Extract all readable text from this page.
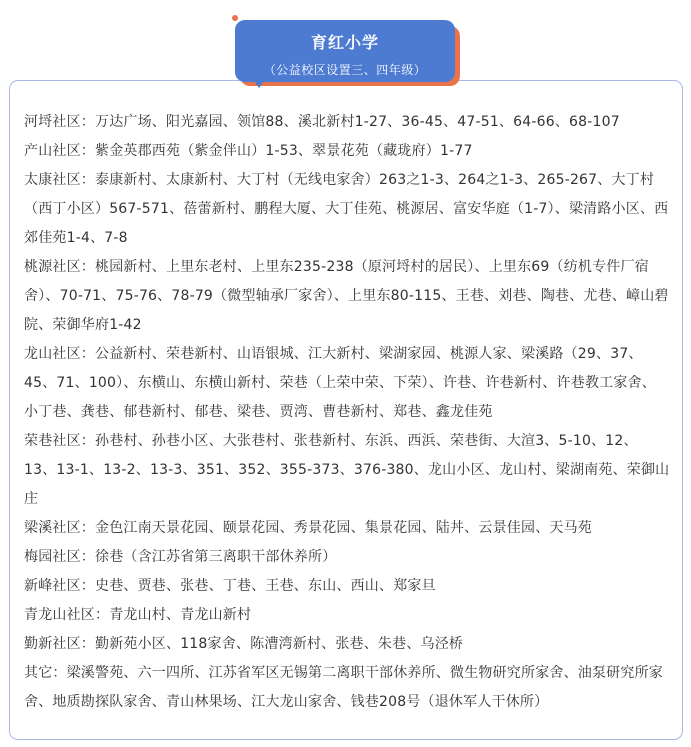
育红小学
（公益校区设置三、四年级）

河埒社区：万达广场、阳光嘉园、领馆88、溪北新村1-27、36-45、47-51、64-66、68-107

产山社区：紫金英郡西苑（紫金伴山）1-53、翠景花苑（藏珑府）1-77

太康社区：泰康新村、太康新村、大丁村（无线电家舍）263之1-3、264之1-3、265-267、大丁村（西丁小区）567-571、蓓蕾新村、鹏程大厦、大丁佳苑、桃源居、富安华庭（1-7）、梁清路小区、西郊佳苑1-4、7-8

桃源社区：桃园新村、上里东老村、上里东235-238（原河埒村的居民）、上里东69（纺机专件厂宿舍）、70-71、75-76、78-79（微型轴承厂家舍）、上里东80-115、王巷、刘巷、陶巷、尤巷、嶂山碧院、荣御华府1-42

龙山社区：公益新村、荣巷新村、山语银城、江大新村、梁湖家园、桃源人家、梁溪路（29、37、45、71、100）、东横山、东横山新村、荣巷（上荣中荣、下荣）、许巷、许巷新村、许巷教工家舍、小丁巷、龚巷、郁巷新村、郁巷、梁巷、贾湾、曹巷新村、郑巷、鑫龙佳苑

荣巷社区：孙巷村、孙巷小区、大张巷村、张巷新村、东浜、西浜、荣巷街、大渲3、5-10、12、13、13-1、13-2、13-3、351、352、355-373、376-380、龙山小区、龙山村、梁湖南苑、荣御山庄

梁溪社区：金色江南天景花园、颐景花园、秀景花园、集景花园、陆丼、云景佳园、天马苑

梅园社区：徐巷（含江苏省第三离职干部休养所）

新峰社区：史巷、贾巷、张巷、丁巷、王巷、东山、西山、郑家旦

青龙山社区：青龙山村、青龙山新村

勤新社区：勤新苑小区、118家舍、陈漕湾新村、张巷、朱巷、乌泾桥

其它：梁溪警苑、六一四所、江苏省军区无锡第二离职干部休养所、微生物研究所家舍、油泵研究所家舍、地质勘探队家舍、青山林果场、江大龙山家舍、钱巷208号（退休军人干休所）
